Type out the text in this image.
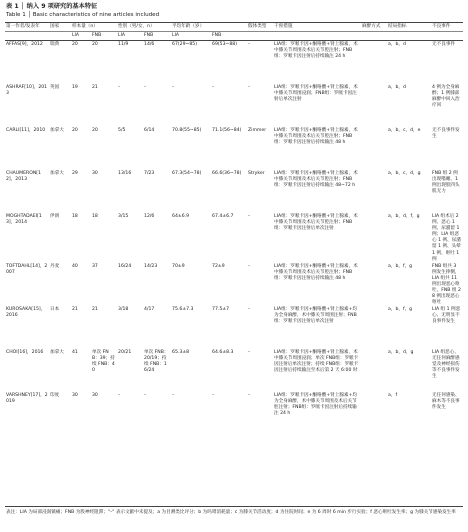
表 1 │ 纳入 9 项研究的基本特征
Table 1 │ Basic characteristics of nine articles included
第一作者/发表年	国家	样本量（n）		性别（男/女，n）		平均年龄（岁）		假体类型	干预措施	麻醉方式	结局指标	不良事件
		LIA	FNB	LIA	FNB	LIA	FNB					
AFFAS[9]，2012	瑞典	20	20	11/9	14/6	67(29~85)	69(53~88)	–	LIA组：罗哌卡因+酮咯酸+肾上腺素，术中膝关节周围及术后关节腔注射；FNB组：罗哌卡因注射后持续输注 24 h		a，b，d	无不良事件
ASHRAF[10]，2013	英国	19	21	–	–	–	–	–	LIA组：罗哌卡因+酮咯酸+肾上腺素，术中膝关节周围浸润；FNB组：罗哌卡因注射后单次注射		a，b，d	4 例为全身麻醉；1 例膝部麻醉中回入治疗回
CARLI[11]，2010	加拿大	20	20	5/5	6/14	70.8(55~85)	71.1(56~84)	Zimmer	LIA组：罗哌卡因+酮咯酸+肾上腺素，术中膝关节周围及术后关节腔注射；FNB组：罗哌卡因注射后持续输注 48 h		a，b，c，d，e	无不良事件发生
CHAUMERON[12]，2013	加拿大	29	30	13/16	7/23	67.3(54~78)	66.6(36~78)	Stryker	LIA组：罗哌卡因+酮咯酸+肾上腺素，术中膝关节周围及术后关节腔注射；FNB组：罗哌卡因注射后持续输注 48~72 h		a，b，c，d，g	FNB 组 2 例出现嗜睡、1 例出现股四头肌无力
MOGHTADAEI[13]，2014	伊朗	18	18	3/15	12/6	64±6.9	67.4±6.7	–	LIA组：罗哌卡因+酮咯酸+肾上腺素，术中膝关节周围及术后关节腔注射；FNB组：罗哌卡因注射后单次注射		a，b，d，f，g	LIA 组术后 2 例、恶心 1 例、尿潴留 1 例；LIA 组恶心 1 例、尿潴留 1 例、头晕 1 例、呕吐 1 例
TOFTDAHL[14]，2007	丹麦	40	37	16/24	14/23	70±9	72±9	–	LIA组：罗哌卡因+酮咯酸+肾上腺素，术中膝关节周围及术后关节腔注射；FNB组：罗哌卡因注射后持续输注 48 h		a，b，f，g	FNB 组共 3 例发生摔倒，LIA 组共 11 例出现恶心呕吐、FNB 组 28 例出现恶心呕吐
KUROSAKA[15]，2016	日本	21	21	3/18	4/17	75.6±7.3	77.5±7	–	LIA组：罗哌卡因+酮咯酸+肾上腺素+均为全身麻醉，术中膝关节周围注射；FNB组：罗哌卡因注射后单次注射		a，b，f，g	LIA 组 1 例恶心、无明显不良事件发生
CHOI[16]，2016	加拿大	41	单次 FNB：39；持续 FNB：40	20/21	单次 FNB：20/19；持续 FNB：16/24	65.3±8	64.6±8.3	–	LIA组：罗哌卡因+酮咯酸+肾上腺素，术中膝关节周围浸润；单次 FNB组：罗哌卡因注射后单次注射；持续 FNB组：罗哌卡因注射后持续输注至术后第 2 天 6:00 时		a，b，d，g	LIA 组恶心、无任何麻醉感觉及神经损伤等不良事件发生
VARSHNEY[17]，2019	印度	30	30	–	–	–	–	–	LIA组：罗哌卡因+酮咯酸+肾上腺素+均为全身麻醉，术中膝关节周围及术后关节腔注射；FNB组：罗哌卡因注射后持续输注 24 h		a，f	无任何感染、麻木等不良事件发生
表注：LIA 为局部浸润镇痛；FNB 为股神经阻滞；"–" 表示文献中未提及；a 为目测类比评分；b 为吗啡消耗量；c 为膝关节活动度；d 为住院时间；e 为 6 周时 6 min 步行实验；f 恶心呕吐发生率；g 为膝关节感染发生率
